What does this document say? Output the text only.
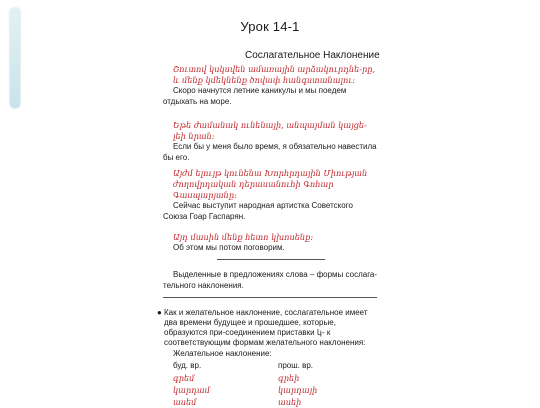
Урок 14-1
Сослагательное Наклонение
Շուտով կսկսվեն ամառային արձակուրդնե-րը, և մենք կմեկնենք ծովափ հանգստանալու:
Скоро начнутся летние каникулы и мы поедем отдыхать на море.
Եթե ժամանակ ունենայի, անպայման կայցե-լեի նրան:
Если бы у меня было время, я обязательно навестила бы его.
Այժմ ելույթ կունենա Խորհրդային Միության ժողովրդական դերասանուհի Գոհար Գասպարյանը:
Сейчас выступит народная артистка Советского Союза Гоар Гаспарян.
Այդ մասին մենք հետո կխոսենք:
Об этом мы потом поговорим.
Выделенные в предложениях слова – формы сослага-тельного наклонения.
● Как и желательное наклонение, сослагательное имеет два времени будущее и прошедшее, которые, образуются при-соединением приставки կ- к соответствующим формам желательного наклонения:
Желательное наклонение:
буд. вр.
գրեմ
կարդամ
ասեմ
прош. вр.
գրեի
կարդայի
ասեի
